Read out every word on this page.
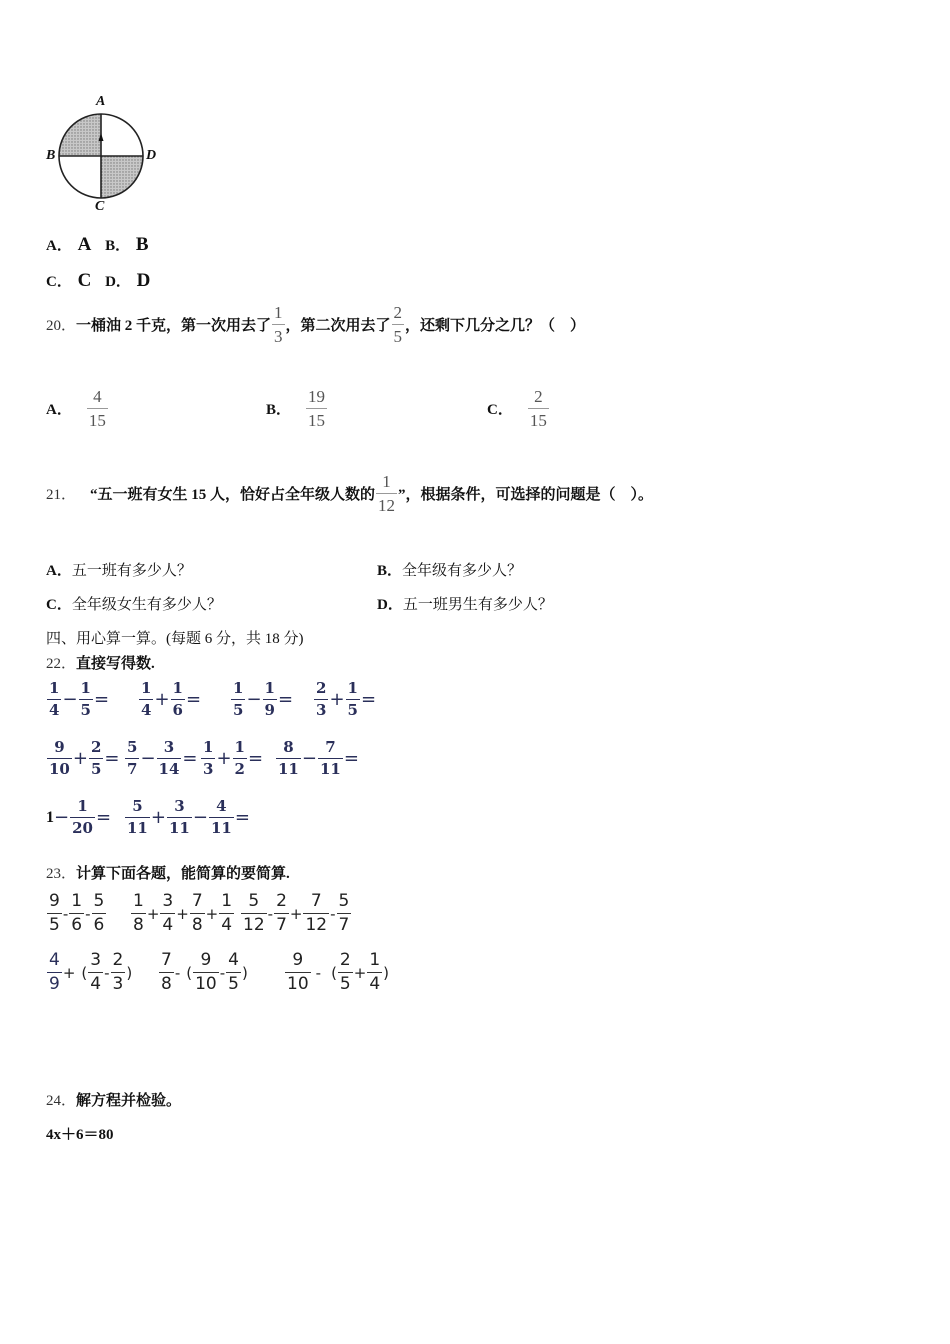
A
B	D
C
A． A B． B
C． C D． D
20． 一桶油 2 千克，第一次用去了 $\frac{1}{3}$ ，第二次用去了 $\frac{2}{5}$ ，还剩下几分之几？（　）
A． $\frac{4}{15}$	B． $\frac{19}{15}$	C． $\frac{2}{15}$
21． “五一班有女生 15 人，恰好占全年级人数的 $\frac{1}{12}$ ”，根据条件，可选择的问题是（　）。
A．五一班有多少人？	B．全年级有多少人？
C．全年级女生有多少人？	D．五一班男生有多少人？
四、用心算一算。(每题 6 分，共 18 分)
22．直接写得数.
$\frac{1}{4} - \frac{1}{5} = \frac{1}{4} + \frac{1}{6} = \frac{1}{5} - \frac{1}{9} = \frac{2}{3} + \frac{1}{5}$ =
$\frac{9}{10} + \frac{2}{5} = \frac{5}{7} - \frac{3}{14} = \frac{1}{3} + \frac{1}{2} = \frac{8}{11} - \frac{7}{11}$ =
$1 - \frac{1}{20} = \frac{5}{11} + \frac{3}{11} - \frac{4}{11}$ =
23．计算下面各题，能简算的要简算.
$\frac{9}{5} - \frac{1}{6} - \frac{5}{6} \frac{1}{8} + \frac{3}{4} + \frac{7}{8} + \frac{1}{4} \frac{5}{12} - \frac{2}{7} + \frac{7}{12} - \frac{5}{7}$
$\frac{4}{9}$ + ( $\frac{3}{4} - \frac{2}{3}$ ) $\frac{7}{8}$ - ( $\frac{9}{10} - \frac{4}{5}$ ) $\frac{9}{10}$ - ( $\frac{2}{5} + \frac{1}{4}$ )
24．解方程并检验。
4x＋6＝80
